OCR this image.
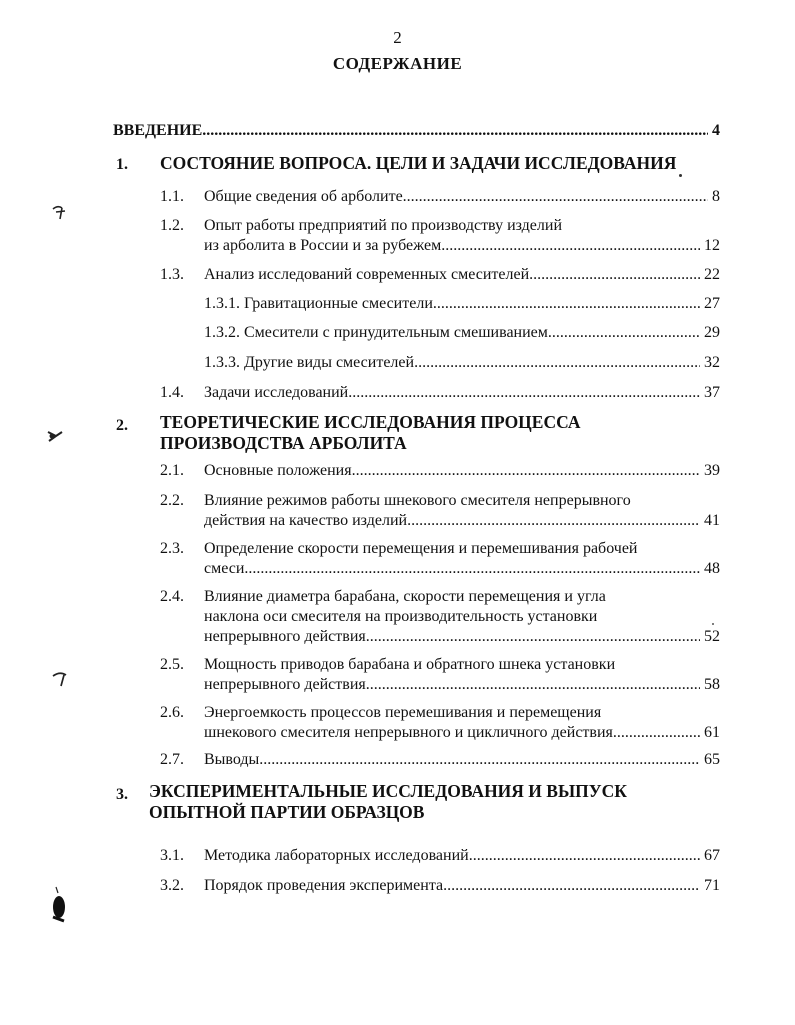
2
СОДЕРЖАНИЕ
ВВЕДЕНИЕ .....	4
1. СОСТОЯНИЕ ВОПРОСА. ЦЕЛИ И ЗАДАЧИ ИССЛЕДОВАНИЯ
1.1. Общие сведения об арболите .....	8
1.2. Опыт работы предприятий по производству изделий
из арболита в России и за рубежем .....	12
1.3. Анализ исследований современных смесителей .....	22
1.3.1. Гравитационные смесители .....	27
1.3.2. Смесители с принудительным смешиванием .....	29
1.3.3. Другие виды смесителей .....	32
1.4. Задачи исследований .....	37
2. ТЕОРЕТИЧЕСКИЕ ИССЛЕДОВАНИЯ ПРОЦЕССА
ПРОИЗВОДСТВА АРБОЛИТА
2.1. Основные положения .....	39
2.2. Влияние режимов работы шнекового смесителя непрерывного
действия на качество изделий .....	41
2.3. Определение скорости перемещения и перемешивания рабочей
смеси .....	48
2.4. Влияние диаметра барабана, скорости перемещения и угла
наклона оси смесителя на производительность установки
непрерывного действия .....	52
2.5. Мощность приводов барабана и обратного шнека установки
непрерывного действия .....	58
2.6. Энергоемкость процессов перемешивания и перемещения
шнекового смесителя непрерывного и цикличного действия .....	61
2.7. Выводы .....	65
3. ЭКСПЕРИМЕНТАЛЬНЫЕ ИССЛЕДОВАНИЯ И ВЫПУСК
ОПЫТНОЙ ПАРТИИ ОБРАЗЦОВ
3.1. Методика лабораторных исследований .....	67
3.2. Порядок проведения эксперимента .....	71
